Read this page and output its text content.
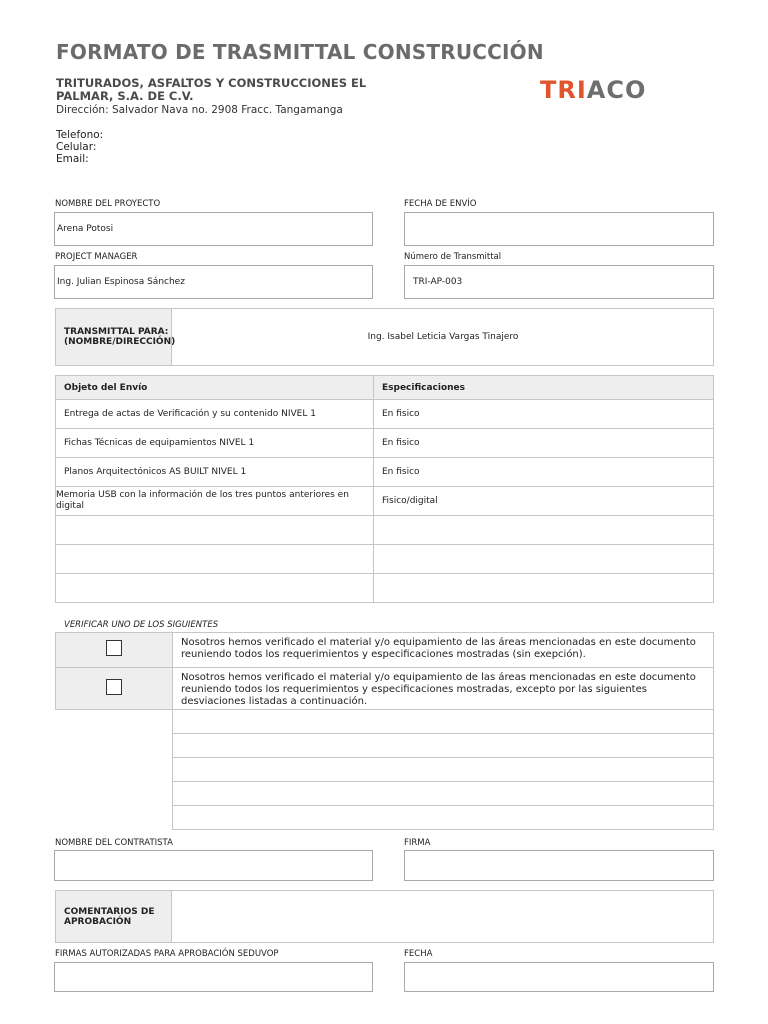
FORMATO DE TRASMITTAL CONSTRUCCIÓN
TRITURADOS, ASFALTOS Y CONSTRUCCIONES EL
PALMAR, S.A. DE C.V.
Dirección: Salvador Nava no. 2908 Fracc. Tangamanga
Telefono:
Celular:
Email:
TRIACO
NOMBRE DEL PROYECTO
Arena Potosi
FECHA DE ENVÍO
PROJECT MANAGER
Ing. Julian Espinosa Sánchez
Número de Transmittal
TRI-AP-003
TRANSMITTAL PARA:
(NOMBRE/DIRECCIÓN)	Ing. Isabel Leticia Vargas Tinajero
Objeto del Envío	Especificaciones
Entrega de actas de Verificación y su contenido NIVEL 1	En fisico
Fichas Técnicas de equipamientos NIVEL 1	En fisico
Planos Arquitectónicos AS BUILT NIVEL 1	En fisico
Memoria USB con la información de los tres puntos anteriores en digital	Fisico/digital

VERIFICAR UNO DE LOS SIGUIENTES
	Nosotros hemos verificado el material y/o equipamiento de las áreas mencionadas en este documento reuniendo todos los requerimientos y especificaciones mostradas (sin exepción).
	Nosotros hemos verificado el material y/o equipamiento de las áreas mencionadas en este documento reuniendo todos los requerimientos y especificaciones mostradas, excepto por las siguientes desviaciones listadas a continuación.

NOMBRE DEL CONTRATISTA	FIRMA
COMENTARIOS DE
APROBACIÓN
FIRMAS AUTORIZADAS PARA APROBACIÓN SEDUVOP	FECHA
